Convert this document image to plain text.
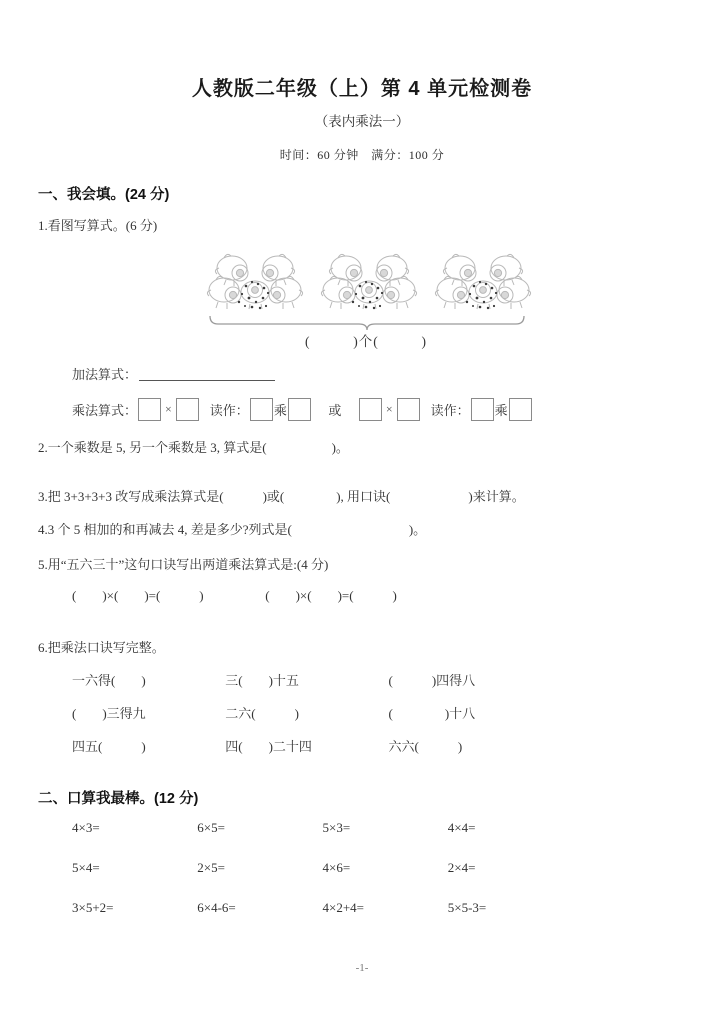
人教版二年级（上）第 4 单元检测卷
（表内乘法一）
时间：60 分钟　满分：100 分
一、我会填。(24 分)
1.看图写算式。(6 分)
(	)个(	)
加法算式：
乘法算式： ×	读作： 乘	或	×	读作： 乘
2.一个乘数是 5, 另一个乘数是 3, 算式是(　　　　　)。
3.把 3+3+3+3 改写成乘法算式是(　　　)或(　　　　), 用口诀(　　　　　　)来计算。
4.3 个 5 相加的和再减去 4, 差是多少?列式是(　　　　　　　　　)。
5.用“五六三十”这句口诀写出两道乘法算式是:(4 分)
(　　)×(　　)=(　　　)	(　　)×(　　)=(　　　)
6.把乘法口诀写完整。
一六得(　　)	三(　　)十五	(　　　)四得八
(　　)三得九	二六(　　　)	(　　　　)十八
四五(　　　)	四(　　)二十四	六六(　　　)
二、口算我最棒。(12 分)
4×3=	6×5=	5×3=	4×4=
5×4=	2×5=	4×6=	2×4=
3×5+2=	6×4-6=	4×2+4=	5×5-3=
-1-
